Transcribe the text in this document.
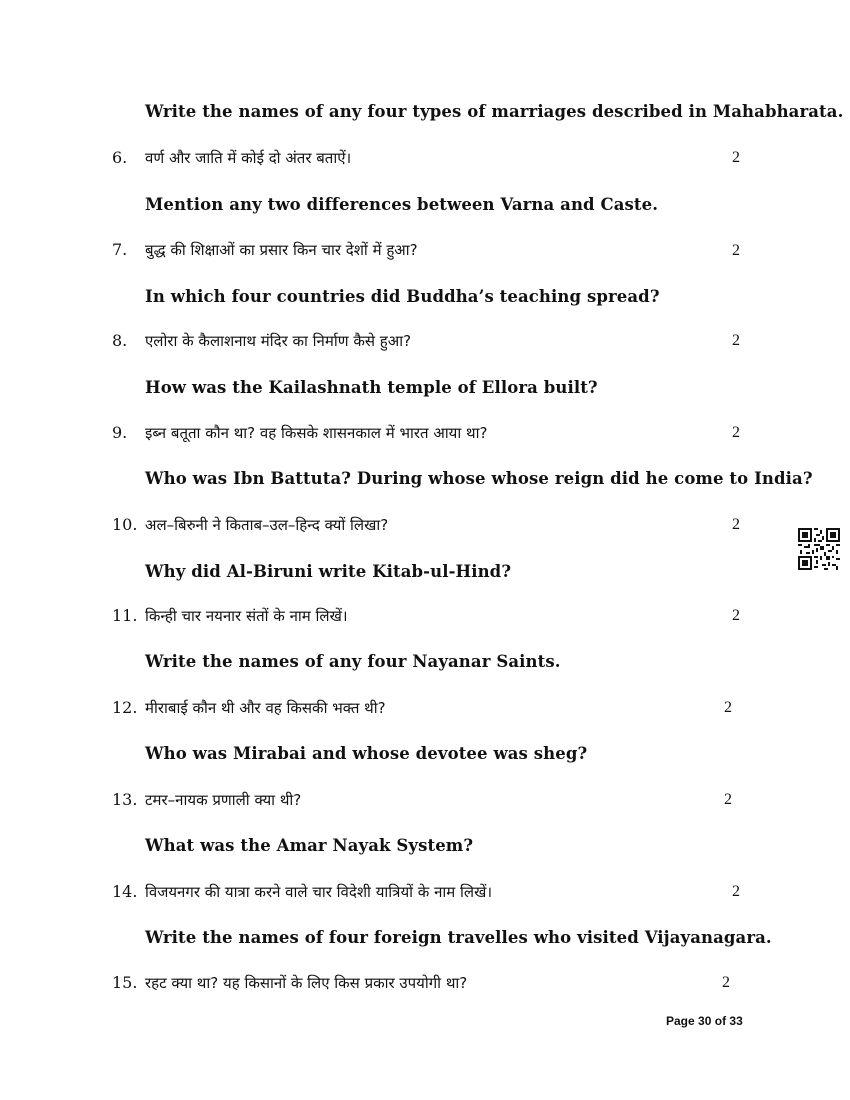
Write the names of any four types of marriages described in Mahabharata.
6. वर्ण और जाति में कोई दो अंतर बताऐं।	2
Mention any two differences between Varna and Caste.
7. बुद्ध की शिक्षाओं का प्रसार किन चार देशों में हुआ?	2
In which four countries did Buddha’s teaching spread?
8. एलोरा के कैलाशनाथ मंदिर का निर्माण कैसे हुआ?	2
How was the Kailashnath temple of Ellora built?
9. इब्न बतूता कौन था? वह किसके शासनकाल में भारत आया था?	2
Who was Ibn Battuta? During whose whose reign did he come to India?
10. अल–बिरुनी ने किताब–उल–हिन्द क्यों लिखा?	2
Why did Al-Biruni write Kitab-ul-Hind?
11. किन्ही चार नयनार संतों के नाम लिखें।	2
Write the names of any four Nayanar Saints.
12. मीराबाई कौन थी और वह किसकी भक्त थी?	2
Who was Mirabai and whose devotee was sheg?
13. टमर–नायक प्रणाली क्या थी?	2
What was the Amar Nayak System?
14. विजयनगर की यात्रा करने वाले चार विदेशी यात्रियों के नाम लिखें।	2
Write the names of four foreign travelles who visited Vijayanagara.
15. रहट क्या था? यह किसानों के लिए किस प्रकार उपयोगी था?	2
Page 30 of 33
